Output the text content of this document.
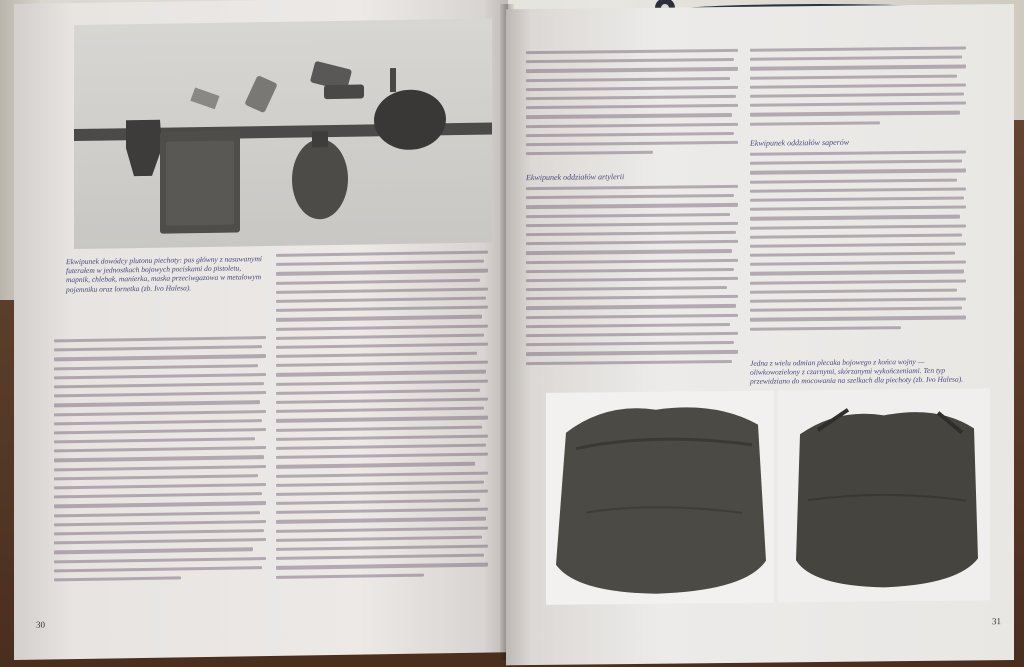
Ekwipunek dowódcy plutonu piechoty: pas główny z nasuwanymi futerałem w jednostkach bojowych pociskami do pistoletu, mapnik, chlebak, manierka, maska przeciwgazowa w metalowym pojemniku oraz lornetka (zb. Ivo Halesa).
30
Ekwipunek oddziałów artylerii
Ekwipunek oddziałów saperów
Jedna z wielu odmian plecaka bojowego z końca wojny — oliwkowozielony z czarnymi, skórzanymi wykończeniami. Ten typ przewidziano do mocowania na szelkach dla piechoty (zb. Ivo Halesa).
31
